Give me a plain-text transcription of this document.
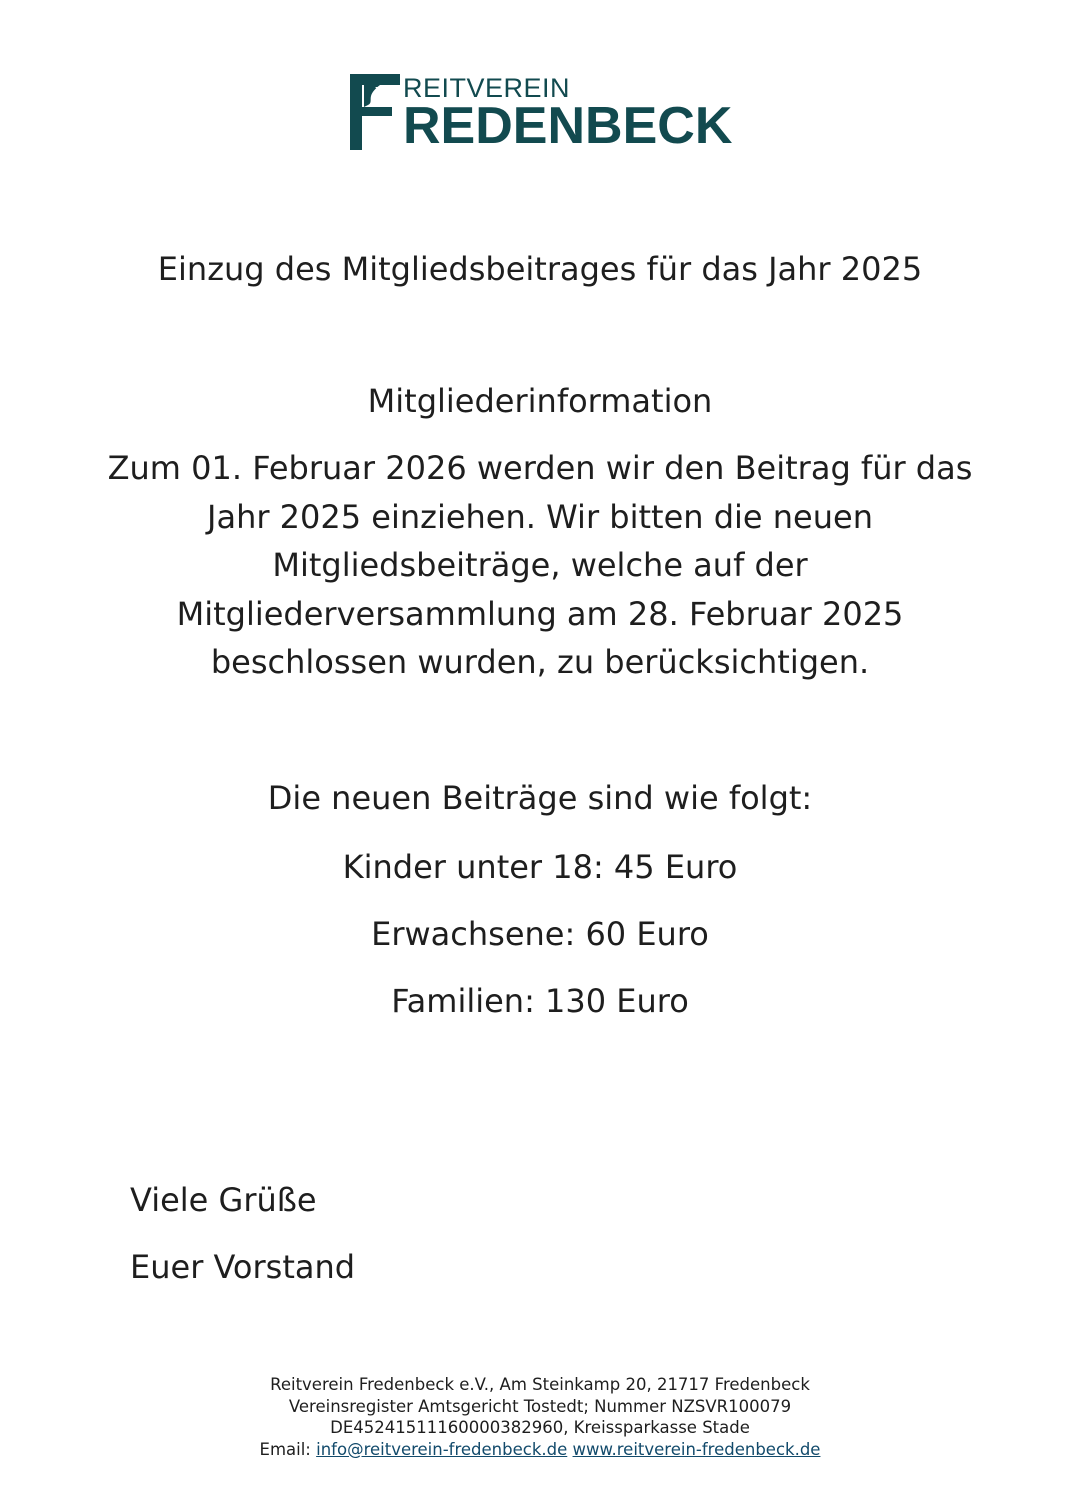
REITVEREIN
REDENBECK
Einzug des Mitgliedsbeitrages für das Jahr 2025
Mitgliederinformation

Zum 01. Februar 2026 werden wir den Beitrag für das Jahr 2025 einziehen. Wir bitten die neuen Mitgliedsbeiträge, welche auf der Mitgliederversammlung am 28. Februar 2025 beschlossen wurden, zu berücksichtigen.

Die neuen Beiträge sind wie folgt:

Kinder unter 18: 45 Euro
Erwachsene: 60 Euro
Familien: 130 Euro

Viele Grüße

Euer Vorstand

Reitverein Fredenbeck e.V., Am Steinkamp 20, 21717 Fredenbeck
Vereinsregister Amtsgericht Tostedt; Nummer NZSVR100079
DE45241511160000382960, Kreissparkasse Stade
Email: info@reitverein-fredenbeck.de www.reitverein-fredenbeck.de
